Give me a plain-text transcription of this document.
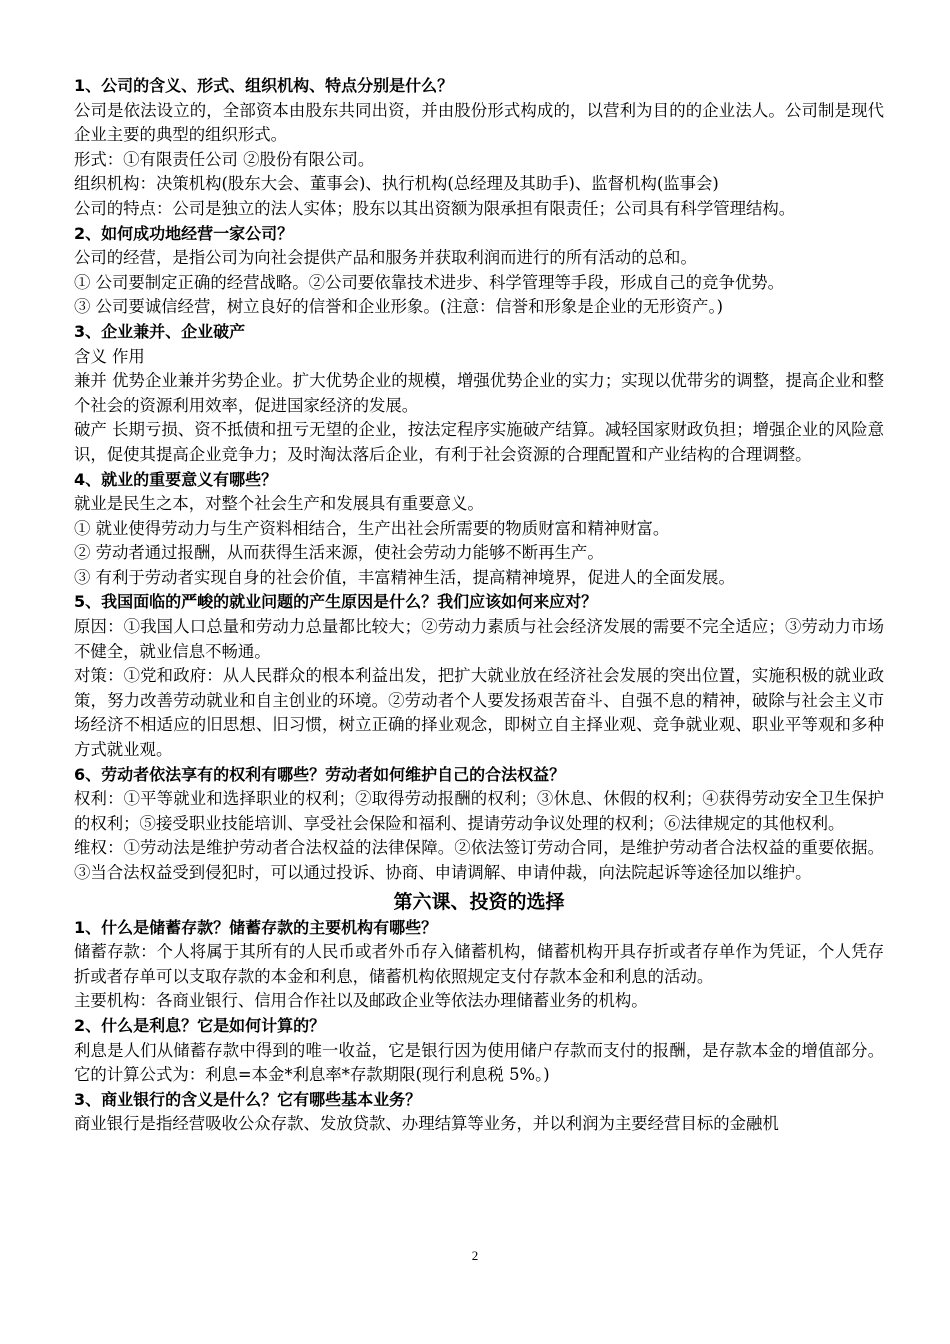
1、公司的含义、形式、组织机构、特点分别是什么？

公司是依法设立的，全部资本由股东共同出资，并由股份形式构成的，以营利为目的的企业法人。公司制是现代企业主要的典型的组织形式。

形式：①有限责任公司 ②股份有限公司。

组织机构：决策机构(股东大会、董事会)、执行机构(总经理及其助手)、监督机构(监事会)

公司的特点：公司是独立的法人实体；股东以其出资额为限承担有限责任；公司具有科学管理结构。

2、如何成功地经营一家公司？

公司的经营，是指公司为向社会提供产品和服务并获取利润而进行的所有活动的总和。

① 公司要制定正确的经营战略。②公司要依靠技术进步、科学管理等手段，形成自己的竞争优势。

③ 公司要诚信经营，树立良好的信誉和企业形象。(注意：信誉和形象是企业的无形资产。)

3、企业兼并、企业破产

含义 作用

兼并 优势企业兼并劣势企业。扩大优势企业的规模，增强优势企业的实力；实现以优带劣的调整，提高企业和整个社会的资源利用效率，促进国家经济的发展。

破产 长期亏损、资不抵债和扭亏无望的企业，按法定程序实施破产结算。减轻国家财政负担；增强企业的风险意识，促使其提高企业竞争力；及时淘汰落后企业，有利于社会资源的合理配置和产业结构的合理调整。

4、就业的重要意义有哪些？

就业是民生之本，对整个社会生产和发展具有重要意义。

① 就业使得劳动力与生产资料相结合，生产出社会所需要的物质财富和精神财富。

② 劳动者通过报酬，从而获得生活来源，使社会劳动力能够不断再生产。

③ 有利于劳动者实现自身的社会价值，丰富精神生活，提高精神境界，促进人的全面发展。

5、我国面临的严峻的就业问题的产生原因是什么？我们应该如何来应对？

原因：①我国人口总量和劳动力总量都比较大；②劳动力素质与社会经济发展的需要不完全适应；③劳动力市场不健全，就业信息不畅通。

对策：①党和政府：从人民群众的根本利益出发，把扩大就业放在经济社会发展的突出位置，实施积极的就业政策，努力改善劳动就业和自主创业的环境。②劳动者个人要发扬艰苦奋斗、自强不息的精神，破除与社会主义市场经济不相适应的旧思想、旧习惯，树立正确的择业观念，即树立自主择业观、竞争就业观、职业平等观和多种方式就业观。

6、劳动者依法享有的权利有哪些？劳动者如何维护自己的合法权益？

权利：①平等就业和选择职业的权利；②取得劳动报酬的权利；③休息、休假的权利；④获得劳动安全卫生保护的权利；⑤接受职业技能培训、享受社会保险和福利、提请劳动争议处理的权利；⑥法律规定的其他权利。

维权：①劳动法是维护劳动者合法权益的法律保障。②依法签订劳动合同，是维护劳动者合法权益的重要依据。③当合法权益受到侵犯时，可以通过投诉、协商、申请调解、申请仲裁，向法院起诉等途径加以维护。

第六课、投资的选择

1、什么是储蓄存款？储蓄存款的主要机构有哪些？

储蓄存款：个人将属于其所有的人民币或者外币存入储蓄机构，储蓄机构开具存折或者存单作为凭证，个人凭存折或者存单可以支取存款的本金和利息，储蓄机构依照规定支付存款本金和利息的活动。

主要机构：各商业银行、信用合作社以及邮政企业等依法办理储蓄业务的机构。

2、什么是利息？它是如何计算的？

利息是人们从储蓄存款中得到的唯一收益，它是银行因为使用储户存款而支付的报酬，是存款本金的增值部分。它的计算公式为：利息=本金*利息率*存款期限(现行利息税 5%。)

3、商业银行的含义是什么？它有哪些基本业务？

商业银行是指经营吸收公众存款、发放贷款、办理结算等业务，并以利润为主要经营目标的金融机

2
